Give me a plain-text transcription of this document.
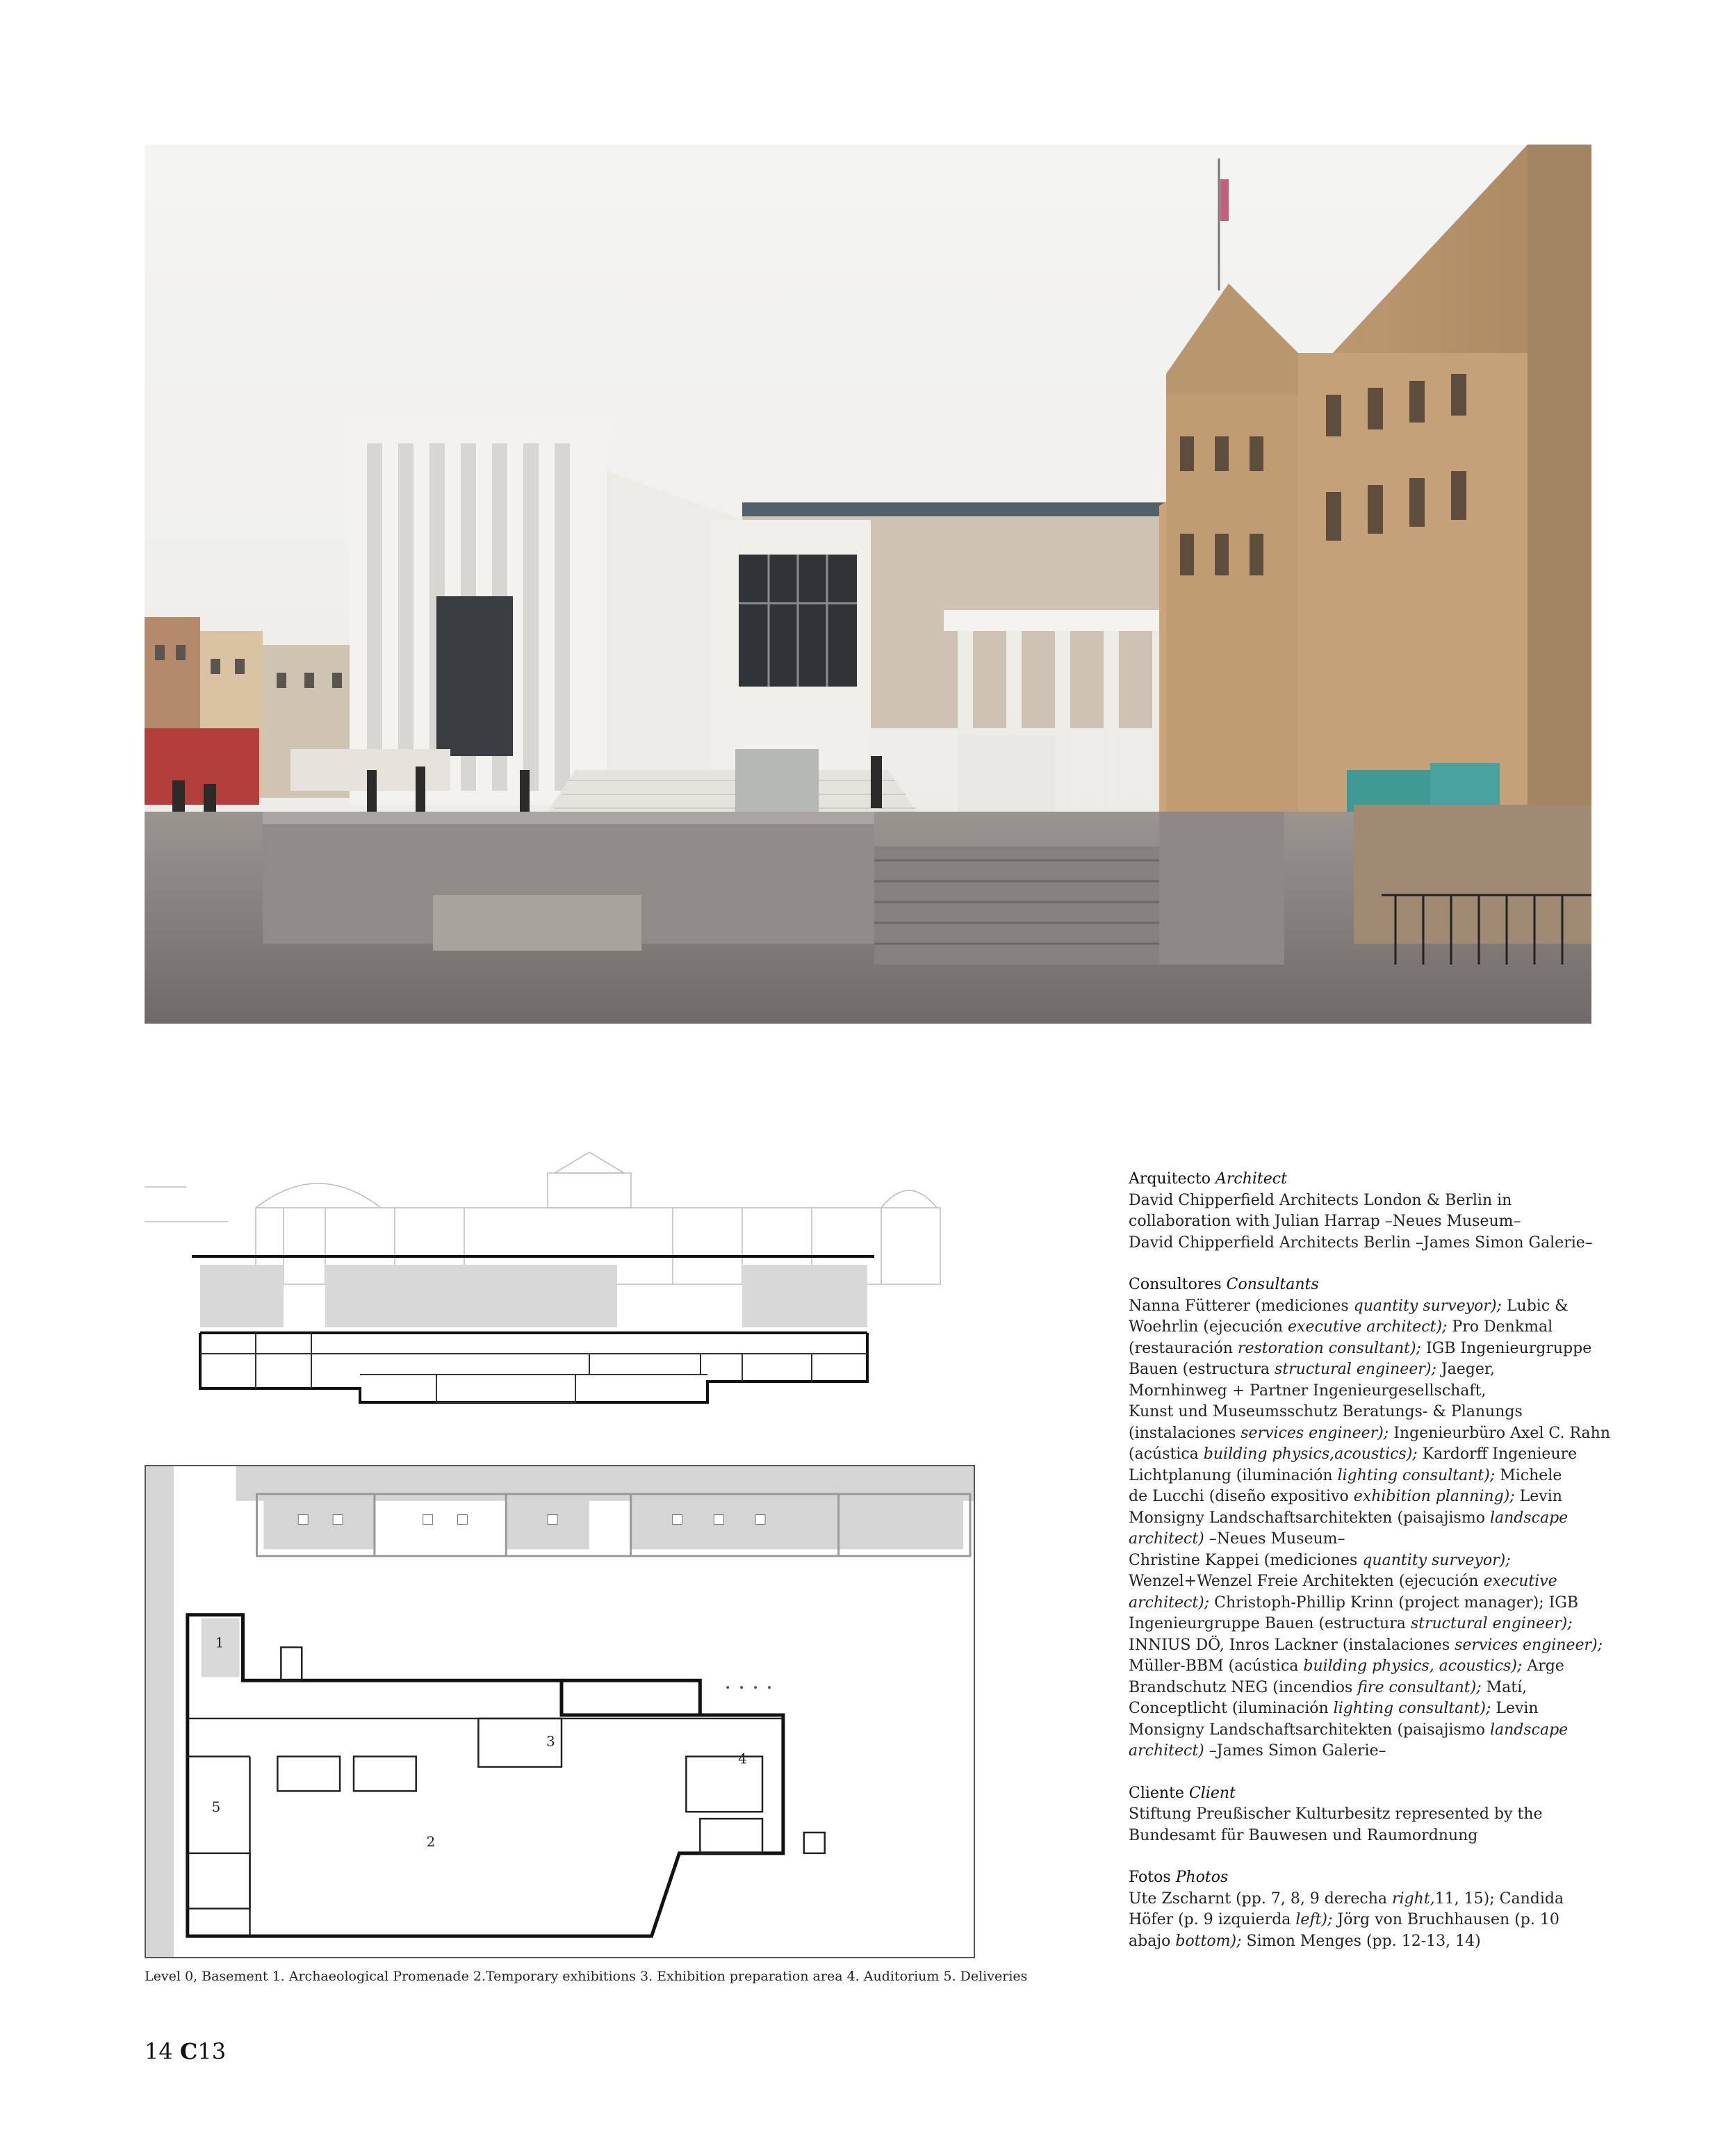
1
2
3
4
5
Level 0, Basement 1. Archaeological Promenade 2.Temporary exhibitions 3. Exhibition preparation area 4. Auditorium 5. Deliveries
14 C13

Arquitecto Architect

David Chipperfield Architects London & Berlin in

collaboration with Julian Harrap –Neues Museum–

David Chipperfield Architects Berlin –James Simon Galerie–

Consultores Consultants

Nanna Fütterer (mediciones quantity surveyor); Lubic &

Woehrlin (ejecución executive architect); Pro Denkmal

(restauración restoration consultant); IGB Ingenieurgruppe

Bauen (estructura structural engineer); Jaeger,

Mornhinweg + Partner Ingenieurgesellschaft,

Kunst und Museumsschutz Beratungs- & Planungs

(instalaciones services engineer); Ingenieurbüro Axel C. Rahn

(acústica building physics,acoustics); Kardorff Ingenieure

Lichtplanung (iluminación lighting consultant); Michele

de Lucchi (diseño expositivo exhibition planning); Levin

Monsigny Landschaftsarchitekten (paisajismo landscape

architect) –Neues Museum–

Christine Kappei (mediciones quantity surveyor);

Wenzel+Wenzel Freie Architekten (ejecución executive

architect); Christoph-Phillip Krinn (project manager); IGB

Ingenieurgruppe Bauen (estructura structural engineer);

INNIUS DÖ, Inros Lackner (instalaciones services engineer);

Müller-BBM (acústica building physics, acoustics); Arge

Brandschutz NEG (incendios fire consultant); Matí,

Conceptlicht (iluminación lighting consultant); Levin

Monsigny Landschaftsarchitekten (paisajismo landscape

architect) –James Simon Galerie–

Cliente Client

Stiftung Preußischer Kulturbesitz represented by the

Bundesamt für Bauwesen und Raumordnung

Fotos Photos

Ute Zscharnt (pp. 7, 8, 9 derecha right,11, 15); Candida

Höfer (p. 9 izquierda left); Jörg von Bruchhausen (p. 10

abajo bottom); Simon Menges (pp. 12-13, 14)
